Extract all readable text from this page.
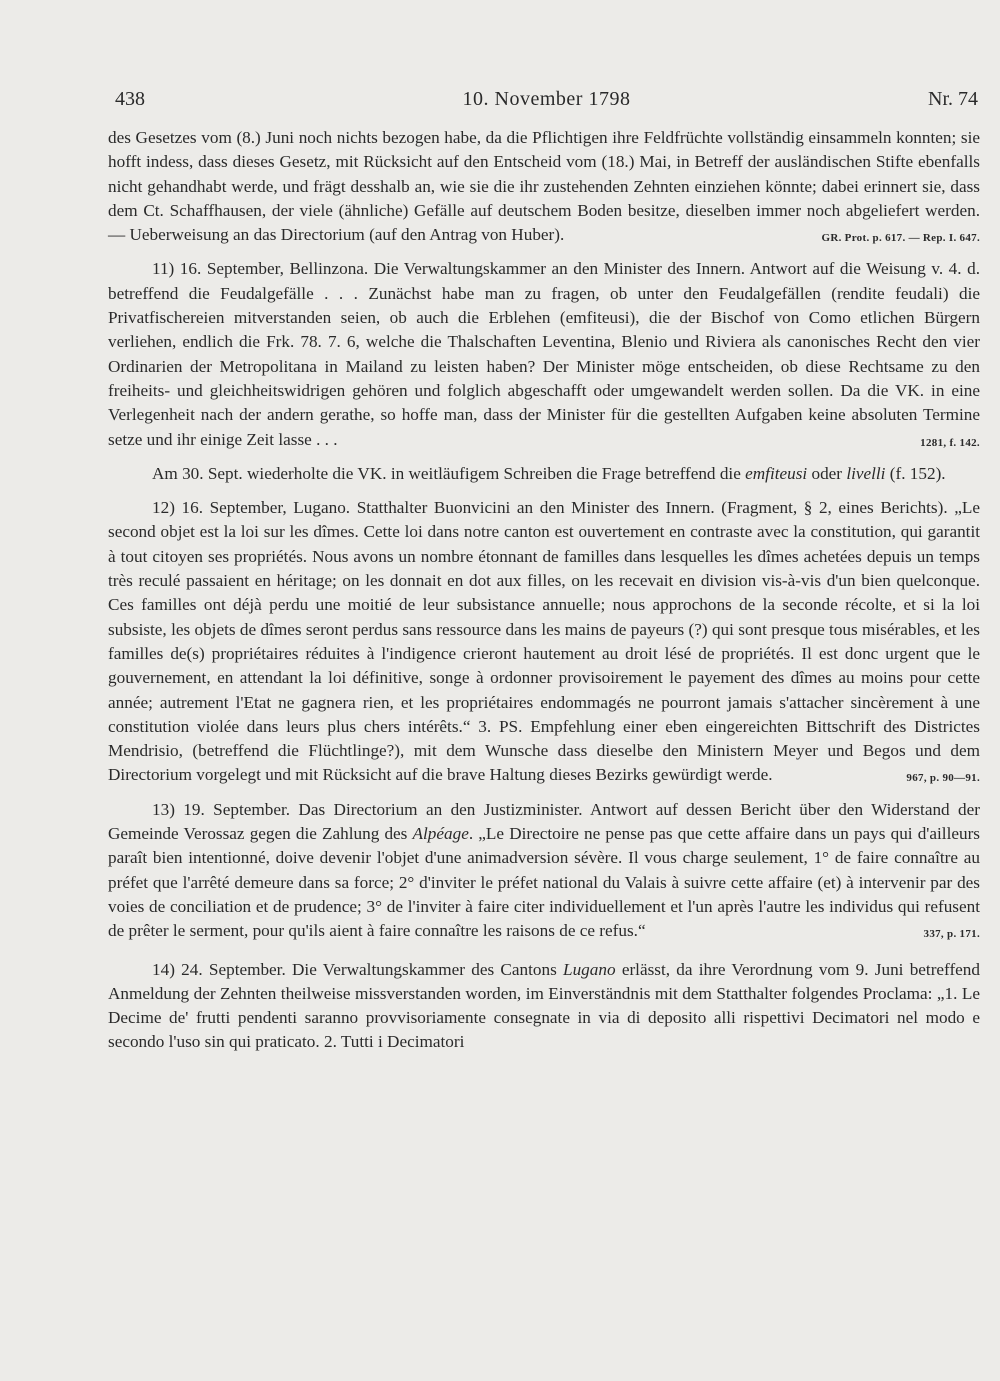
438	10. November 1798	Nr. 74

des Gesetzes vom (8.) Juni noch nichts bezogen habe, da die Pflichtigen ihre Feldfrüchte vollständig einsammeln konnten; sie hofft indess, dass dieses Gesetz, mit Rücksicht auf den Entscheid vom (18.) Mai, in Betreff der ausländischen Stifte ebenfalls nicht gehandhabt werde, und frägt desshalb an, wie sie die ihr zustehenden Zehnten einziehen könnte; dabei erinnert sie, dass dem Ct. Schaffhausen, der viele (ähnliche) Gefälle auf deutschem Boden besitze, dieselben immer noch abgeliefert werden. — Ueberweisung an das Directorium (auf den Antrag von Huber).	GR. Prot. p. 617. — Rep. I. 647.

11) 16. September, Bellinzona. Die Verwaltungskammer an den Minister des Innern. Antwort auf die Weisung v. 4. d. betreffend die Feudalgefälle . . . Zunächst habe man zu fragen, ob unter den Feudalgefällen (rendite feudali) die Privatfischereien mitverstanden seien, ob auch die Erblehen (emfiteusi), die der Bischof von Como etlichen Bürgern verliehen, endlich die Frk. 78. 7. 6, welche die Thalschaften Leventina, Blenio und Riviera als canonisches Recht den vier Ordinarien der Metropolitana in Mailand zu leisten haben? Der Minister möge entscheiden, ob diese Rechtsame zu den freiheits- und gleichheitswidrigen gehören und folglich abgeschafft oder umgewandelt werden sollen. Da die VK. in eine Verlegenheit nach der andern gerathe, so hoffe man, dass der Minister für die gestellten Aufgaben keine absoluten Termine setze und ihr einige Zeit lasse . . .	1281, f. 142.

Am 30. Sept. wiederholte die VK. in weitläufigem Schreiben die Frage betreffend die emfiteusi oder livelli (f. 152).

12) 16. September, Lugano. Statthalter Buonvicini an den Minister des Innern. (Fragment, § 2, eines Berichts). „Le second objet est la loi sur les dîmes. Cette loi dans notre canton est ouvertement en contraste avec la constitution, qui garantit à tout citoyen ses propriétés. Nous avons un nombre étonnant de familles dans lesquelles les dîmes achetées depuis un temps très reculé passaient en héritage; on les donnait en dot aux filles, on les recevait en division vis-à-vis d'un bien quelconque. Ces familles ont déjà perdu une moitié de leur subsistance annuelle; nous approchons de la seconde récolte, et si la loi subsiste, les objets de dîmes seront perdus sans ressource dans les mains de payeurs (?) qui sont presque tous misérables, et les familles de(s) propriétaires réduites à l'indigence crieront hautement au droit lésé de propriétés. Il est donc urgent que le gouvernement, en attendant la loi définitive, songe à ordonner provisoirement le payement des dîmes au moins pour cette année; autrement l'Etat ne gagnera rien, et les propriétaires endommagés ne pourront jamais s'attacher sincèrement à une constitution violée dans leurs plus chers intérêts.“ 3. PS. Empfehlung einer eben eingereichten Bittschrift des Districtes Mendrisio, (betreffend die Flüchtlinge?), mit dem Wunsche dass dieselbe den Ministern Meyer und Begos und dem Directorium vorgelegt und mit Rücksicht auf die brave Haltung dieses Bezirks gewürdigt werde.	967, p. 90—91.

13) 19. September. Das Directorium an den Justizminister. Antwort auf dessen Bericht über den Widerstand der Gemeinde Verossaz gegen die Zahlung des Alpéage. „Le Directoire ne pense pas que cette affaire dans un pays qui d'ailleurs paraît bien intentionné, doive devenir l'objet d'une animadversion sévère. Il vous charge seulement, 1° de faire connaître au préfet que l'arrêté demeure dans sa force; 2° d'inviter le préfet national du Valais à suivre cette affaire (et) à intervenir par des voies de conciliation et de prudence; 3° de l'inviter à faire citer individuellement et l'un après l'autre les individus qui refusent de prêter le serment, pour qu'ils aient à faire connaître les raisons de ce refus.“	337, p. 171.

14) 24. September. Die Verwaltungskammer des Cantons Lugano erlässt, da ihre Verordnung vom 9. Juni betreffend Anmeldung der Zehnten theilweise missverstanden worden, im Einverständnis mit dem Statthalter folgendes Proclama: „1. Le Decime de' frutti pendenti saranno provvisoriamente consegnate in via di deposito alli rispettivi Decimatori nel modo e secondo l'uso sin qui praticato. 2. Tutti i Decimatori
